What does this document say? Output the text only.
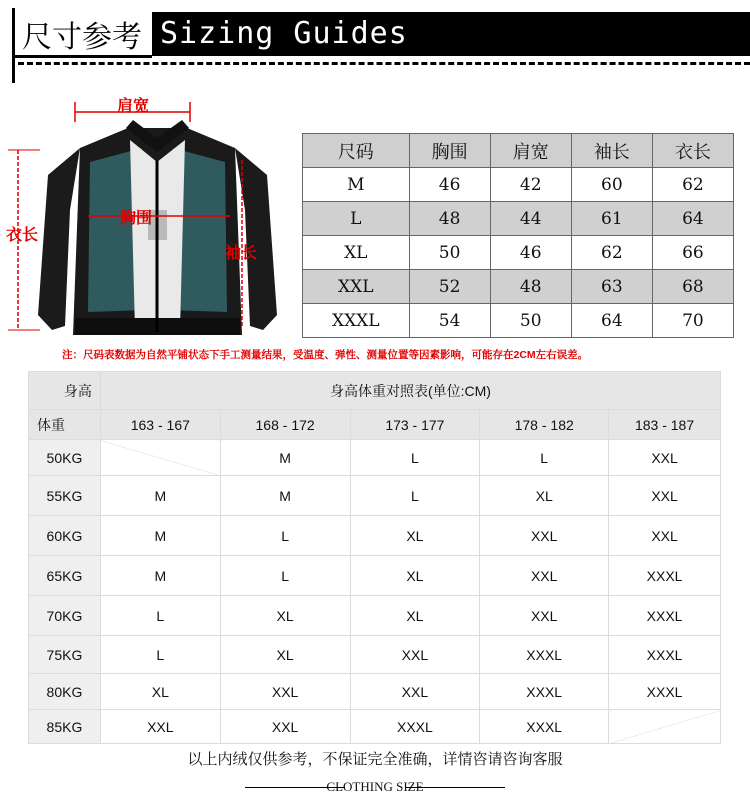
尺寸参考 Sizing Guides
肩宽
胸围
衣长
袖长
尺码	胸围	肩宽	袖长	衣长
M	46	42	60	62
L	48	44	61	64
XL	50	46	62	66
XXL	52	48	63	68
XXXL	54	50	64	70
注：尺码表数据为自然平铺状态下手工测量结果，受温度、弹性、测量位置等因素影响，可能存在2CM左右误差。
身高	身高体重对照表(单位:CM)				
体重	163 - 167	168 - 172	173 - 177	178 - 182	183 - 187
50KG		M	L	L	XXL
55KG	M	M	L	XL	XXL
60KG	M	L	XL	XXL	XXL
65KG	M	L	XL	XXL	XXXL
70KG	L	XL	XL	XXL	XXXL
75KG	L	XL	XXL	XXXL	XXXL
80KG	XL	XXL	XXL	XXXL	XXXL
85KG	XXL	XXL	XXXL	XXXL	
以上内绒仅供参考，不保证完全准确，详情咨请咨询客服
CLOTHING SIZE
